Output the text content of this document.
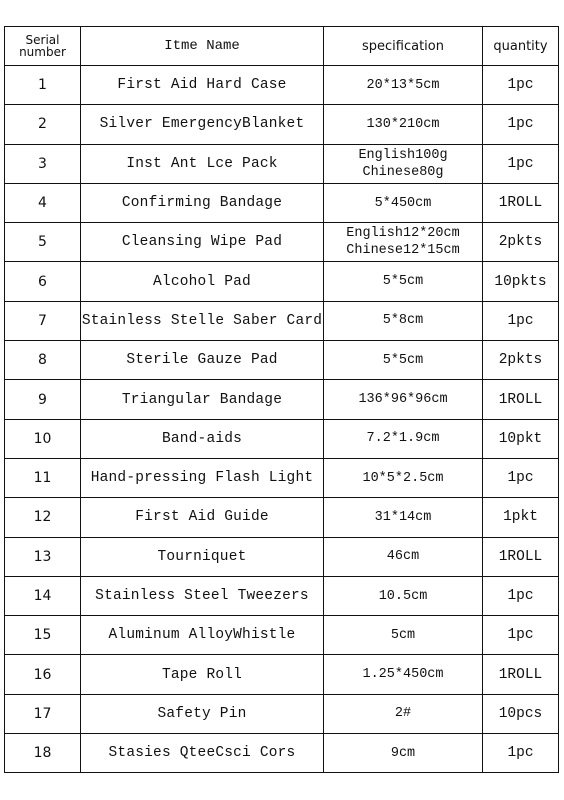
Serial
number	Itme Name	specification	quantity
1	First Aid Hard Case	20*13*5cm	1pc
2	Silver EmergencyBlanket	130*210cm	1pc
3	Inst Ant Lce Pack	English100g
Chinese80g	1pc
4	Confirming Bandage	5*450cm	1ROLL
5	Cleansing Wipe Pad	English12*20cm
Chinese12*15cm	2pkts
6	Alcohol Pad	5*5cm	10pkts
7	Stainless Stelle Saber Card	5*8cm	1pc
8	Sterile Gauze Pad	5*5cm	2pkts
9	Triangular Bandage	136*96*96cm	1ROLL
10	Band-aids	7.2*1.9cm	10pkt
11	Hand-pressing Flash Light	10*5*2.5cm	1pc
12	First Aid Guide	31*14cm	1pkt
13	Tourniquet	46cm	1ROLL
14	Stainless Steel Tweezers	10.5cm	1pc
15	Aluminum AlloyWhistle	5cm	1pc
16	Tape Roll	1.25*450cm	1ROLL
17	Safety Pin	2#	10pcs
18	Stasies QteeCsci Cors	9cm	1pc
